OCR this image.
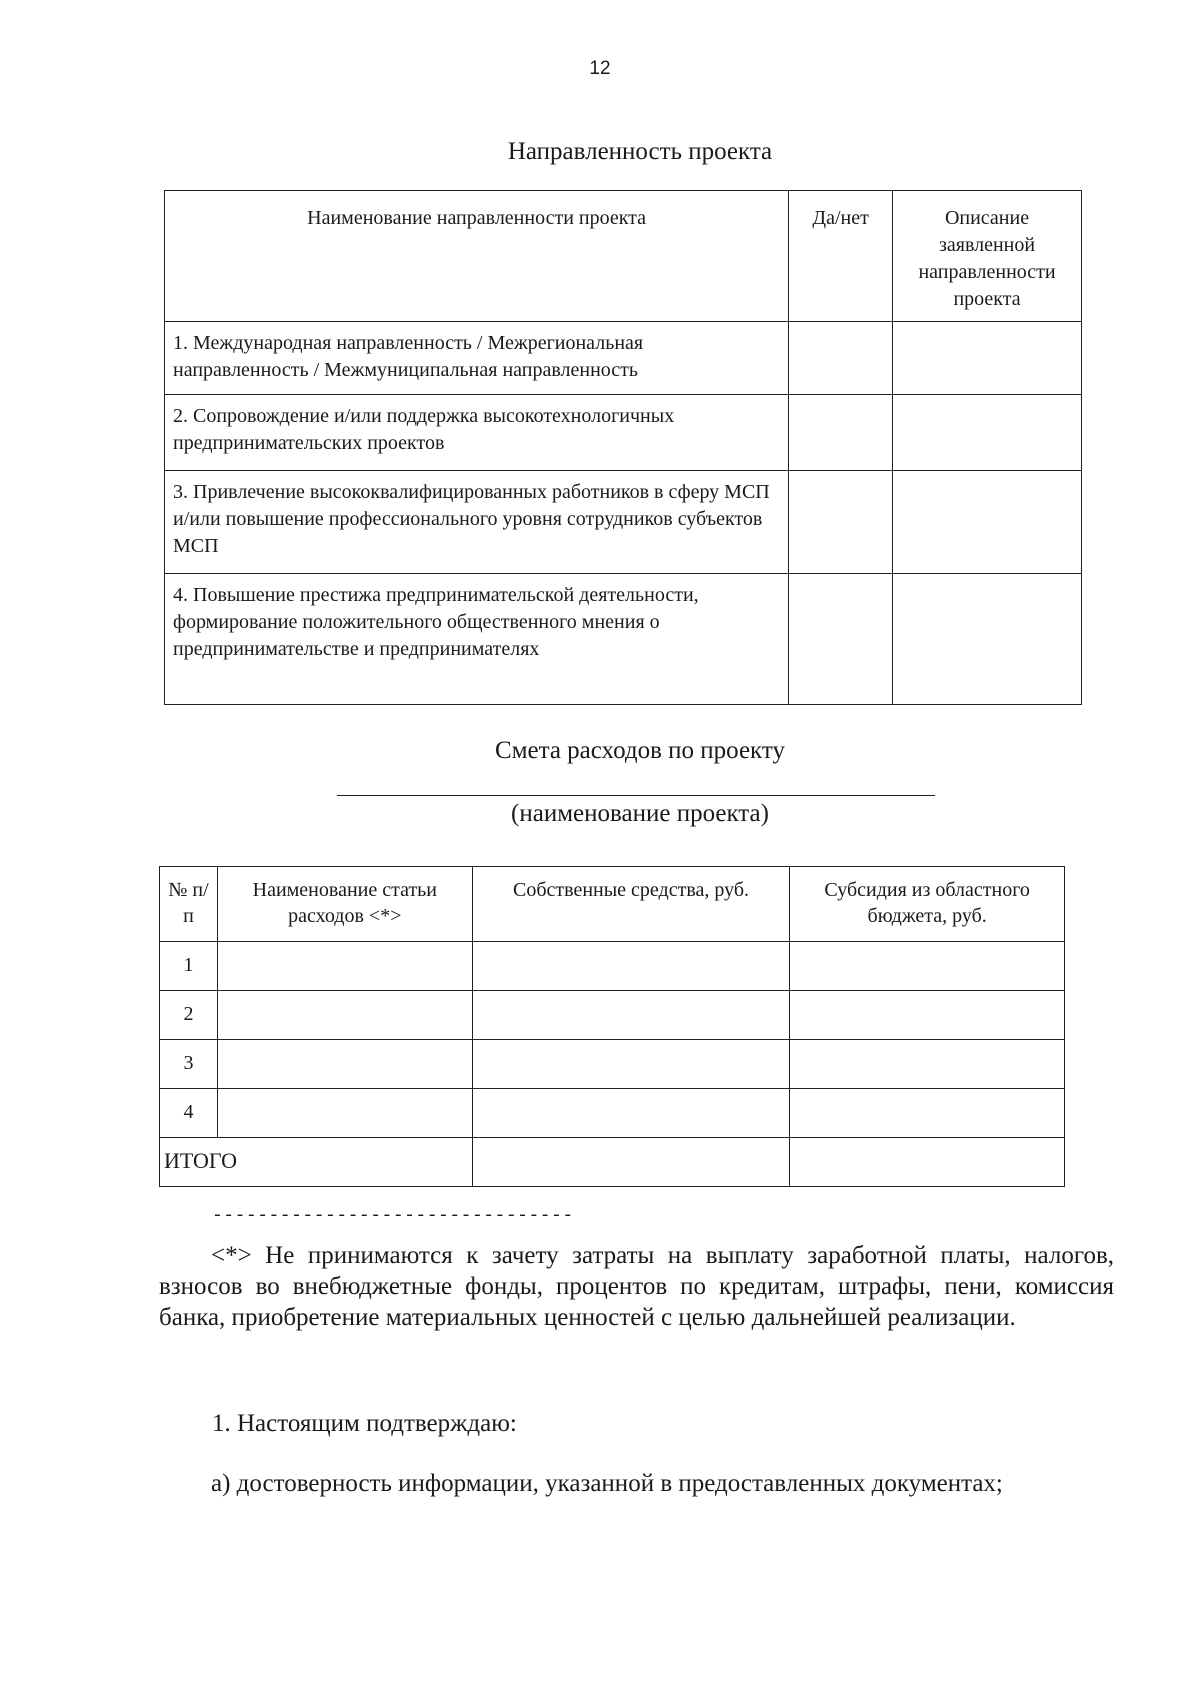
12
Направленность проекта
Наименование направленности проекта	Да/нет	Описание заявленной направленности проекта
1. Международная направленность / Межрегиональная направленность / Межмуниципальная направленность		
2. Сопровождение и/или поддержка высокотехнологичных предпринимательских проектов		
3. Привлечение высококвалифицированных работников в сферу МСП и/или повышение профессионального уровня сотрудников субъектов МСП		
4. Повышение престижа предпринимательской деятельности, формирование положительного общественного мнения о предпринимательстве и предпринимателях		
Смета расходов по проекту
(наименование проекта)
№ п/п	Наименование статьи расходов <*>	Собственные средства, руб.	Субсидия из областного бюджета, руб.
1			
2			
3			
4			
ИТОГО			
--------------------------------
<*> Не принимаются к зачету затраты на выплату заработной платы, налогов, взносов во внебюджетные фонды, процентов по кредитам, штрафы, пени, комиссия банка, приобретение материальных ценностей с целью дальнейшей реализации.
1. Настоящим подтверждаю:
а) достоверность информации, указанной в предоставленных документах;
